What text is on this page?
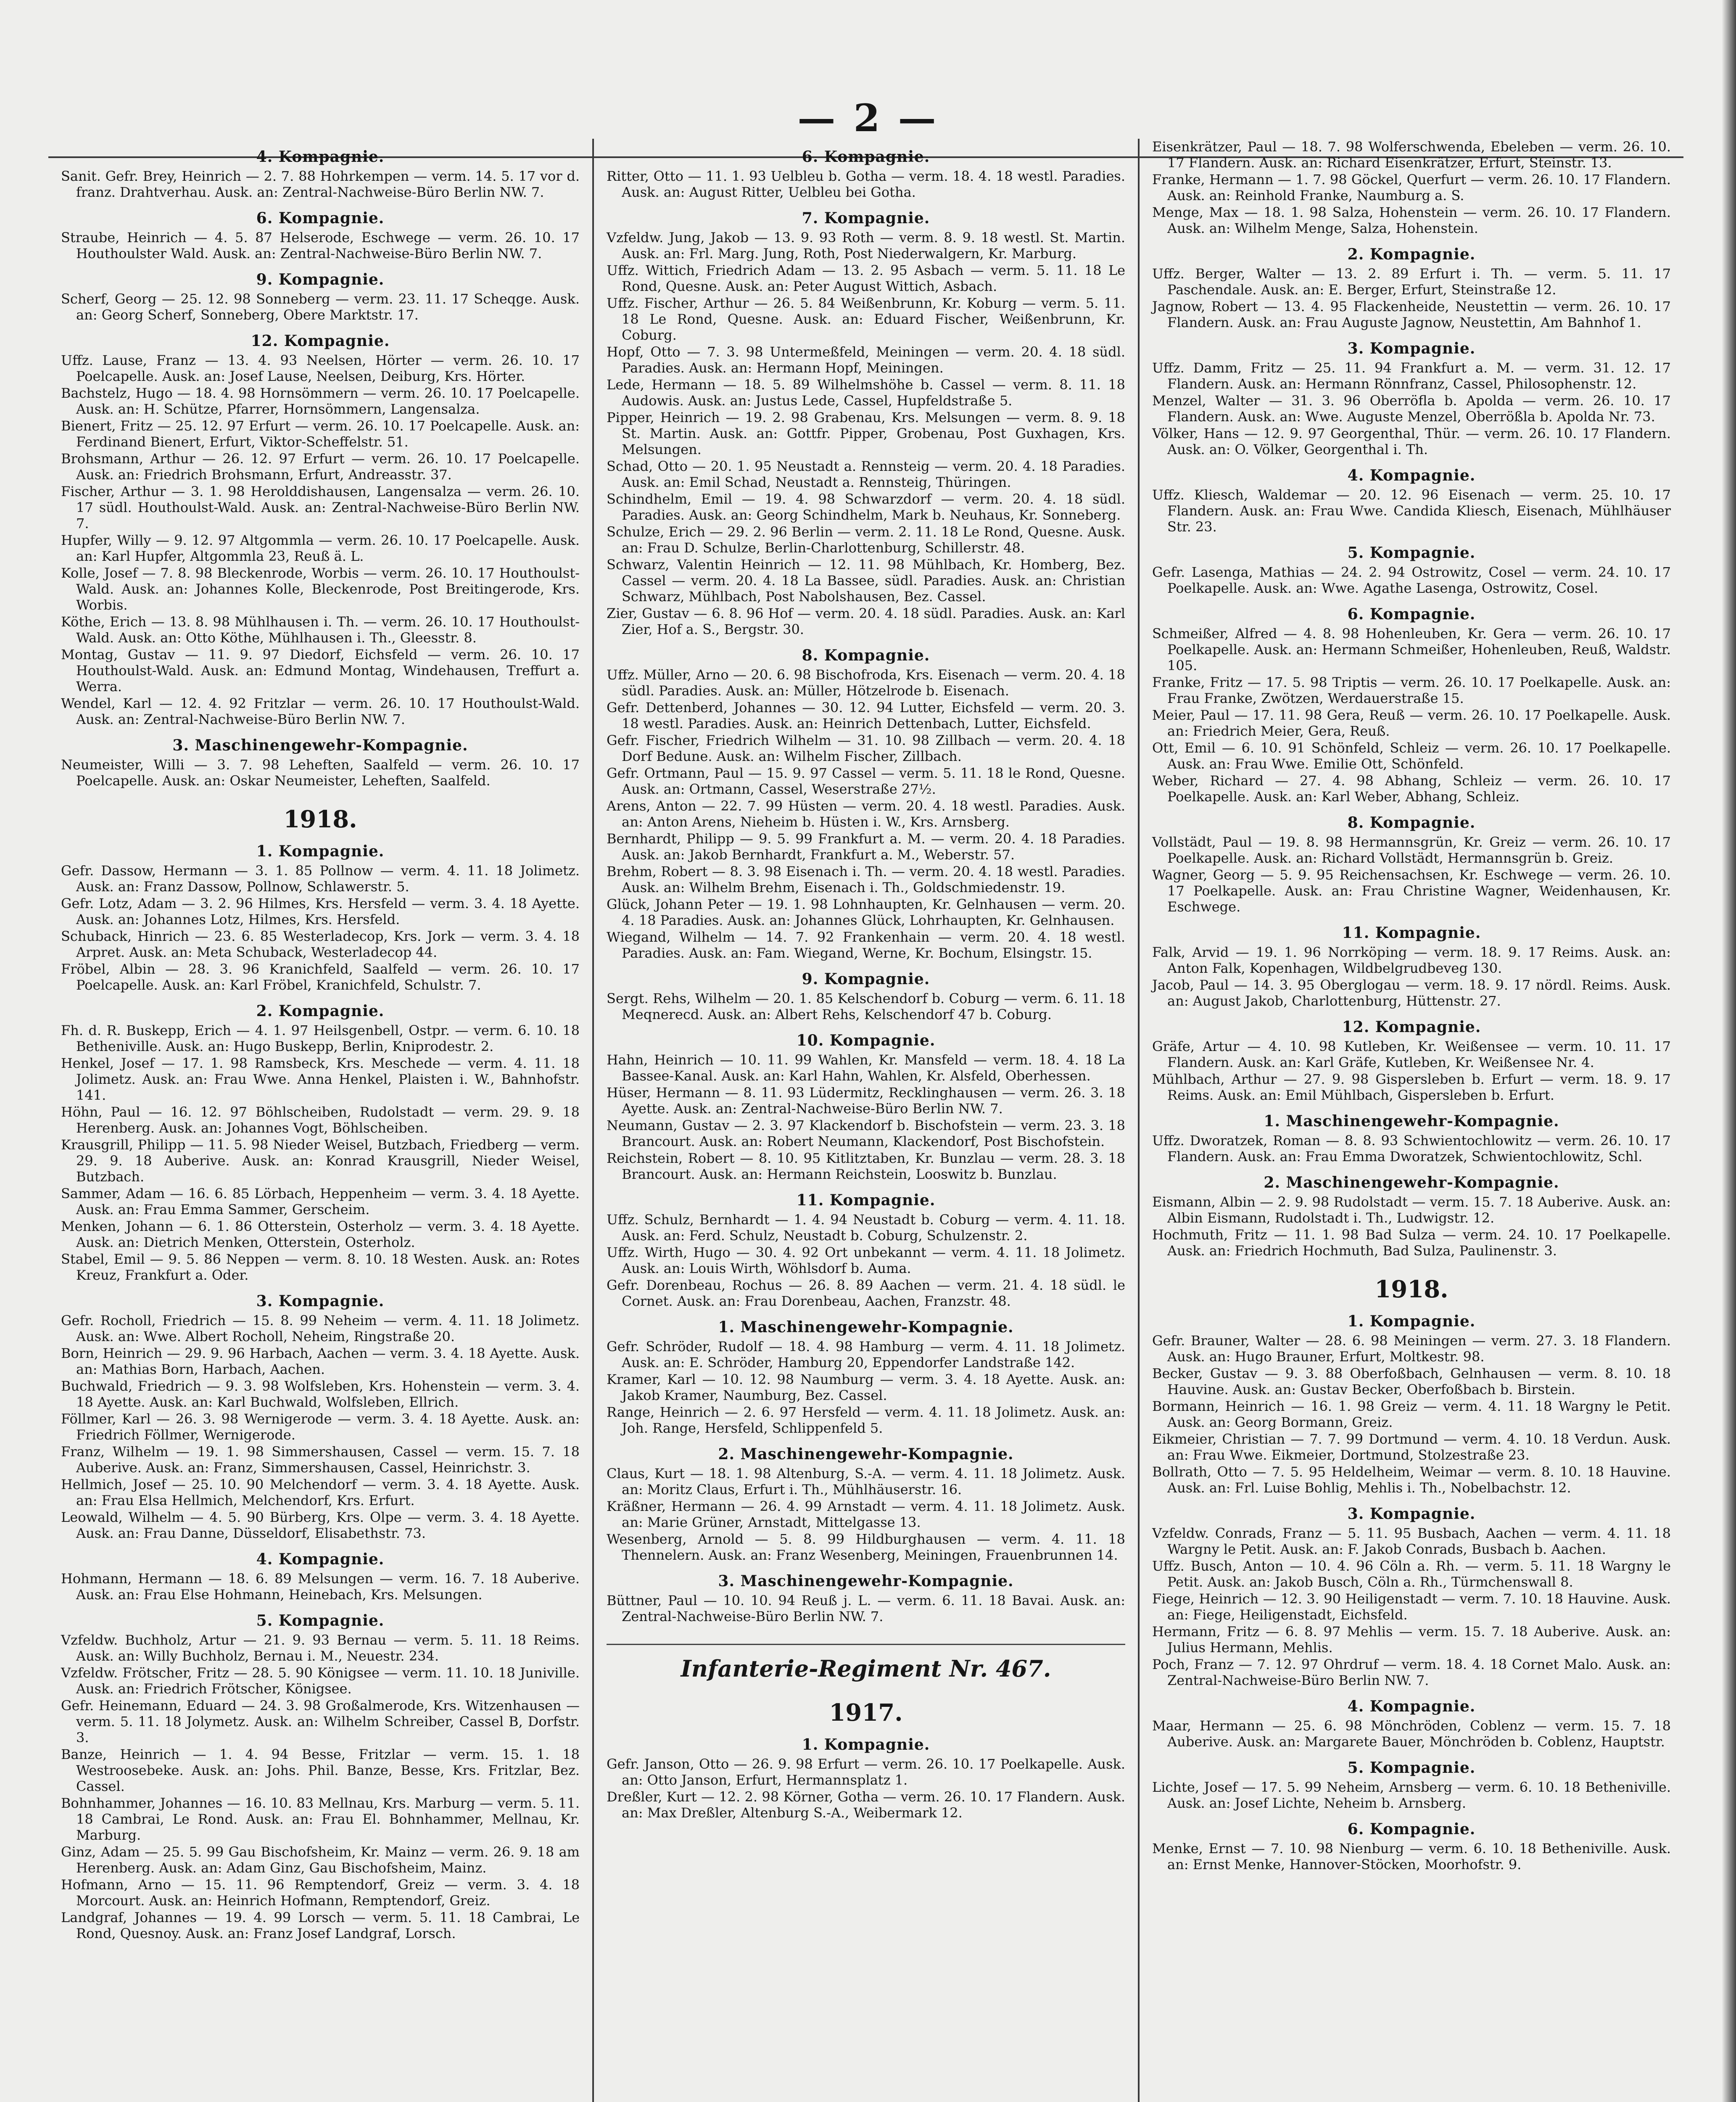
— 2 —
4. Kompagnie.

Sanit. Gefr. Brey, Heinrich — 2. 7. 88 Hohrkempen — verm. 14. 5. 17 vor d. franz. Drahtverhau. Ausk. an: Zentral-Nachweise-Büro Berlin NW. 7.

6. Kompagnie.

Straube, Heinrich — 4. 5. 87 Helserode, Eschwege — verm. 26. 10. 17 Houthoulster Wald. Ausk. an: Zentral-Nachweise-Büro Berlin NW. 7.

9. Kompagnie.

Scherf, Georg — 25. 12. 98 Sonneberg — verm. 23. 11. 17 Scheqge. Ausk. an: Georg Scherf, Sonneberg, Obere Marktstr. 17.

12. Kompagnie.

Uffz. Lause, Franz — 13. 4. 93 Neelsen, Hörter — verm. 26. 10. 17 Poelcapelle. Ausk. an: Josef Lause, Neelsen, Deiburg, Krs. Hörter.

Bachstelz, Hugo — 18. 4. 98 Hornsömmern — verm. 26. 10. 17 Poelcapelle. Ausk. an: H. Schütze, Pfarrer, Hornsömmern, Langensalza.

Bienert, Fritz — 25. 12. 97 Erfurt — verm. 26. 10. 17 Poelcapelle. Ausk. an: Ferdinand Bienert, Erfurt, Viktor-Scheffelstr. 51.

Brohsmann, Arthur — 26. 12. 97 Erfurt — verm. 26. 10. 17 Poelcapelle. Ausk. an: Friedrich Brohsmann, Erfurt, Andreasstr. 37.

Fischer, Arthur — 3. 1. 98 Herolddishausen, Langensalza — verm. 26. 10. 17 südl. Houthoulst-Wald. Ausk. an: Zentral-Nachweise-Büro Berlin NW. 7.

Hupfer, Willy — 9. 12. 97 Altgommla — verm. 26. 10. 17 Poelcapelle. Ausk. an: Karl Hupfer, Altgommla 23, Reuß ä. L.

Kolle, Josef — 7. 8. 98 Bleckenrode, Worbis — verm. 26. 10. 17 Houthoulst-Wald. Ausk. an: Johannes Kolle, Bleckenrode, Post Breitingerode, Krs. Worbis.

Köthe, Erich — 13. 8. 98 Mühlhausen i. Th. — verm. 26. 10. 17 Houthoulst-Wald. Ausk. an: Otto Köthe, Mühlhausen i. Th., Gleesstr. 8.

Montag, Gustav — 11. 9. 97 Diedorf, Eichsfeld — verm. 26. 10. 17 Houthoulst-Wald. Ausk. an: Edmund Montag, Windehausen, Treffurt a. Werra.

Wendel, Karl — 12. 4. 92 Fritzlar — verm. 26. 10. 17 Houthoulst-Wald. Ausk. an: Zentral-Nachweise-Büro Berlin NW. 7.

3. Maschinengewehr-Kompagnie.

Neumeister, Willi — 3. 7. 98 Leheften, Saalfeld — verm. 26. 10. 17 Poelcapelle. Ausk. an: Oskar Neumeister, Leheften, Saalfeld.

1918.
1. Kompagnie.

Gefr. Dassow, Hermann — 3. 1. 85 Pollnow — verm. 4. 11. 18 Jolimetz. Ausk. an: Franz Dassow, Pollnow, Schlawerstr. 5.

Gefr. Lotz, Adam — 3. 2. 96 Hilmes, Krs. Hersfeld — verm. 3. 4. 18 Ayette. Ausk. an: Johannes Lotz, Hilmes, Krs. Hersfeld.

Schuback, Hinrich — 23. 6. 85 Westerladecop, Krs. Jork — verm. 3. 4. 18 Arpret. Ausk. an: Meta Schuback, Westerladecop 44.

Fröbel, Albin — 28. 3. 96 Kranichfeld, Saalfeld — verm. 26. 10. 17 Poelcapelle. Ausk. an: Karl Fröbel, Kranichfeld, Schulstr. 7.

2. Kompagnie.

Fh. d. R. Buskepp, Erich — 4. 1. 97 Heilsgenbell, Ostpr. — verm. 6. 10. 18 Betheniville. Ausk. an: Hugo Buskepp, Berlin, Kniprodestr. 2.

Henkel, Josef — 17. 1. 98 Ramsbeck, Krs. Meschede — verm. 4. 11. 18 Jolimetz. Ausk. an: Frau Wwe. Anna Henkel, Plaisten i. W., Bahnhofstr. 141.

Höhn, Paul — 16. 12. 97 Böhlscheiben, Rudolstadt — verm. 29. 9. 18 Herenberg. Ausk. an: Johannes Vogt, Böhlscheiben.

Krausgrill, Philipp — 11. 5. 98 Nieder Weisel, Butzbach, Friedberg — verm. 29. 9. 18 Auberive. Ausk. an: Konrad Krausgrill, Nieder Weisel, Butzbach.

Sammer, Adam — 16. 6. 85 Lörbach, Heppenheim — verm. 3. 4. 18 Ayette. Ausk. an: Frau Emma Sammer, Gerscheim.

Menken, Johann — 6. 1. 86 Otterstein, Osterholz — verm. 3. 4. 18 Ayette. Ausk. an: Dietrich Menken, Otterstein, Osterholz.

Stabel, Emil — 9. 5. 86 Neppen — verm. 8. 10. 18 Westen. Ausk. an: Rotes Kreuz, Frankfurt a. Oder.

3. Kompagnie.

Gefr. Rocholl, Friedrich — 15. 8. 99 Neheim — verm. 4. 11. 18 Jolimetz. Ausk. an: Wwe. Albert Rocholl, Neheim, Ringstraße 20.

Born, Heinrich — 29. 9. 96 Harbach, Aachen — verm. 3. 4. 18 Ayette. Ausk. an: Mathias Born, Harbach, Aachen.

Buchwald, Friedrich — 9. 3. 98 Wolfsleben, Krs. Hohenstein — verm. 3. 4. 18 Ayette. Ausk. an: Karl Buchwald, Wolfsleben, Ellrich.

Föllmer, Karl — 26. 3. 98 Wernigerode — verm. 3. 4. 18 Ayette. Ausk. an: Friedrich Föllmer, Wernigerode.

Franz, Wilhelm — 19. 1. 98 Simmershausen, Cassel — verm. 15. 7. 18 Auberive. Ausk. an: Franz, Simmershausen, Cassel, Heinrichstr. 3.

Hellmich, Josef — 25. 10. 90 Melchendorf — verm. 3. 4. 18 Ayette. Ausk. an: Frau Elsa Hellmich, Melchendorf, Krs. Erfurt.

Leowald, Wilhelm — 4. 5. 90 Bürberg, Krs. Olpe — verm. 3. 4. 18 Ayette. Ausk. an: Frau Danne, Düsseldorf, Elisabethstr. 73.

4. Kompagnie.

Hohmann, Hermann — 18. 6. 89 Melsungen — verm. 16. 7. 18 Auberive. Ausk. an: Frau Else Hohmann, Heinebach, Krs. Melsungen.

5. Kompagnie.

Vzfeldw. Buchholz, Artur — 21. 9. 93 Bernau — verm. 5. 11. 18 Reims. Ausk. an: Willy Buchholz, Bernau i. M., Neuestr. 234.

Vzfeldw. Frötscher, Fritz — 28. 5. 90 Königsee — verm. 11. 10. 18 Juniville. Ausk. an: Friedrich Frötscher, Königsee.

Gefr. Heinemann, Eduard — 24. 3. 98 Großalmerode, Krs. Witzenhausen — verm. 5. 11. 18 Jolymetz. Ausk. an: Wilhelm Schreiber, Cassel B, Dorfstr. 3.

Banze, Heinrich — 1. 4. 94 Besse, Fritzlar — verm. 15. 1. 18 Westroosebeke. Ausk. an: Johs. Phil. Banze, Besse, Krs. Fritzlar, Bez. Cassel.

Bohnhammer, Johannes — 16. 10. 83 Mellnau, Krs. Marburg — verm. 5. 11. 18 Cambrai, Le Rond. Ausk. an: Frau El. Bohnhammer, Mellnau, Kr. Marburg.

Ginz, Adam — 25. 5. 99 Gau Bischofsheim, Kr. Mainz — verm. 26. 9. 18 am Herenberg. Ausk. an: Adam Ginz, Gau Bischofsheim, Mainz.

Hofmann, Arno — 15. 11. 96 Remptendorf, Greiz — verm. 3. 4. 18 Morcourt. Ausk. an: Heinrich Hofmann, Remptendorf, Greiz.

Landgraf, Johannes — 19. 4. 99 Lorsch — verm. 5. 11. 18 Cambrai, Le Rond, Quesnoy. Ausk. an: Franz Josef Landgraf, Lorsch.

6. Kompagnie.

Ritter, Otto — 11. 1. 93 Uelbleu b. Gotha — verm. 18. 4. 18 westl. Paradies. Ausk. an: August Ritter, Uelbleu bei Gotha.

7. Kompagnie.

Vzfeldw. Jung, Jakob — 13. 9. 93 Roth — verm. 8. 9. 18 westl. St. Martin. Ausk. an: Frl. Marg. Jung, Roth, Post Niederwalgern, Kr. Marburg.

Uffz. Wittich, Friedrich Adam — 13. 2. 95 Asbach — verm. 5. 11. 18 Le Rond, Quesne. Ausk. an: Peter August Wittich, Asbach.

Uffz. Fischer, Arthur — 26. 5. 84 Weißenbrunn, Kr. Koburg — verm. 5. 11. 18 Le Rond, Quesne. Ausk. an: Eduard Fischer, Weißenbrunn, Kr. Coburg.

Hopf, Otto — 7. 3. 98 Untermeßfeld, Meiningen — verm. 20. 4. 18 südl. Paradies. Ausk. an: Hermann Hopf, Meiningen.

Lede, Hermann — 18. 5. 89 Wilhelmshöhe b. Cassel — verm. 8. 11. 18 Audowis. Ausk. an: Justus Lede, Cassel, Hupfeldstraße 5.

Pipper, Heinrich — 19. 2. 98 Grabenau, Krs. Melsungen — verm. 8. 9. 18 St. Martin. Ausk. an: Gottfr. Pipper, Grobenau, Post Guxhagen, Krs. Melsungen.

Schad, Otto — 20. 1. 95 Neustadt a. Rennsteig — verm. 20. 4. 18 Paradies. Ausk. an: Emil Schad, Neustadt a. Rennsteig, Thüringen.

Schindhelm, Emil — 19. 4. 98 Schwarzdorf — verm. 20. 4. 18 südl. Paradies. Ausk. an: Georg Schindhelm, Mark b. Neuhaus, Kr. Sonneberg.

Schulze, Erich — 29. 2. 96 Berlin — verm. 2. 11. 18 Le Rond, Quesne. Ausk. an: Frau D. Schulze, Berlin-Charlottenburg, Schillerstr. 48.

Schwarz, Valentin Heinrich — 12. 11. 98 Mühlbach, Kr. Homberg, Bez. Cassel — verm. 20. 4. 18 La Bassee, südl. Paradies. Ausk. an: Christian Schwarz, Mühlbach, Post Nabolshausen, Bez. Cassel.

Zier, Gustav — 6. 8. 96 Hof — verm. 20. 4. 18 südl. Paradies. Ausk. an: Karl Zier, Hof a. S., Bergstr. 30.

8. Kompagnie.

Uffz. Müller, Arno — 20. 6. 98 Bischofroda, Krs. Eisenach — verm. 20. 4. 18 südl. Paradies. Ausk. an: Müller, Hötzelrode b. Eisenach.

Gefr. Dettenberd, Johannes — 30. 12. 94 Lutter, Eichsfeld — verm. 20. 3. 18 westl. Paradies. Ausk. an: Heinrich Dettenbach, Lutter, Eichsfeld.

Gefr. Fischer, Friedrich Wilhelm — 31. 10. 98 Zillbach — verm. 20. 4. 18 Dorf Bedune. Ausk. an: Wilhelm Fischer, Zillbach.

Gefr. Ortmann, Paul — 15. 9. 97 Cassel — verm. 5. 11. 18 le Rond, Quesne. Ausk. an: Ortmann, Cassel, Weserstraße 27½.

Arens, Anton — 22. 7. 99 Hüsten — verm. 20. 4. 18 westl. Paradies. Ausk. an: Anton Arens, Nieheim b. Hüsten i. W., Krs. Arnsberg.

Bernhardt, Philipp — 9. 5. 99 Frankfurt a. M. — verm. 20. 4. 18 Paradies. Ausk. an: Jakob Bernhardt, Frankfurt a. M., Weberstr. 57.

Brehm, Robert — 8. 3. 98 Eisenach i. Th. — verm. 20. 4. 18 westl. Paradies. Ausk. an: Wilhelm Brehm, Eisenach i. Th., Goldschmiedenstr. 19.

Glück, Johann Peter — 19. 1. 98 Lohnhaupten, Kr. Gelnhausen — verm. 20. 4. 18 Paradies. Ausk. an: Johannes Glück, Lohrhaupten, Kr. Gelnhausen.

Wiegand, Wilhelm — 14. 7. 92 Frankenhain — verm. 20. 4. 18 westl. Paradies. Ausk. an: Fam. Wiegand, Werne, Kr. Bochum, Elsingstr. 15.

9. Kompagnie.

Sergt. Rehs, Wilhelm — 20. 1. 85 Kelschendorf b. Coburg — verm. 6. 11. 18 Meqnerecd. Ausk. an: Albert Rehs, Kelschendorf 47 b. Coburg.

10. Kompagnie.

Hahn, Heinrich — 10. 11. 99 Wahlen, Kr. Mansfeld — verm. 18. 4. 18 La Bassee-Kanal. Ausk. an: Karl Hahn, Wahlen, Kr. Alsfeld, Oberhessen.

Hüser, Hermann — 8. 11. 93 Lüdermitz, Recklinghausen — verm. 26. 3. 18 Ayette. Ausk. an: Zentral-Nachweise-Büro Berlin NW. 7.

Neumann, Gustav — 2. 3. 97 Klackendorf b. Bischofstein — verm. 23. 3. 18 Brancourt. Ausk. an: Robert Neumann, Klackendorf, Post Bischofstein.

Reichstein, Robert — 8. 10. 95 Kitlitztaben, Kr. Bunzlau — verm. 28. 3. 18 Brancourt. Ausk. an: Hermann Reichstein, Looswitz b. Bunzlau.

11. Kompagnie.

Uffz. Schulz, Bernhardt — 1. 4. 94 Neustadt b. Coburg — verm. 4. 11. 18. Ausk. an: Ferd. Schulz, Neustadt b. Coburg, Schulzenstr. 2.

Uffz. Wirth, Hugo — 30. 4. 92 Ort unbekannt — verm. 4. 11. 18 Jolimetz. Ausk. an: Louis Wirth, Wöhlsdorf b. Auma.

Gefr. Dorenbeau, Rochus — 26. 8. 89 Aachen — verm. 21. 4. 18 südl. le Cornet. Ausk. an: Frau Dorenbeau, Aachen, Franzstr. 48.

1. Maschinengewehr-Kompagnie.

Gefr. Schröder, Rudolf — 18. 4. 98 Hamburg — verm. 4. 11. 18 Jolimetz. Ausk. an: E. Schröder, Hamburg 20, Eppendorfer Landstraße 142.

Kramer, Karl — 10. 12. 98 Naumburg — verm. 3. 4. 18 Ayette. Ausk. an: Jakob Kramer, Naumburg, Bez. Cassel.

Range, Heinrich — 2. 6. 97 Hersfeld — verm. 4. 11. 18 Jolimetz. Ausk. an: Joh. Range, Hersfeld, Schlippenfeld 5.

2. Maschinengewehr-Kompagnie.

Claus, Kurt — 18. 1. 98 Altenburg, S.-A. — verm. 4. 11. 18 Jolimetz. Ausk. an: Moritz Claus, Erfurt i. Th., Mühlhäuserstr. 16.

Kräßner, Hermann — 26. 4. 99 Arnstadt — verm. 4. 11. 18 Jolimetz. Ausk. an: Marie Grüner, Arnstadt, Mittelgasse 13.

Wesenberg, Arnold — 5. 8. 99 Hildburghausen — verm. 4. 11. 18 Thennelern. Ausk. an: Franz Wesenberg, Meiningen, Frauenbrunnen 14.

3. Maschinengewehr-Kompagnie.

Büttner, Paul — 10. 10. 94 Reuß j. L. — verm. 6. 11. 18 Bavai. Ausk. an: Zentral-Nachweise-Büro Berlin NW. 7.

Infanterie-Regiment Nr. 467.
1917.
1. Kompagnie.

Gefr. Janson, Otto — 26. 9. 98 Erfurt — verm. 26. 10. 17 Poelkapelle. Ausk. an: Otto Janson, Erfurt, Hermannsplatz 1.

Dreßler, Kurt — 12. 2. 98 Körner, Gotha — verm. 26. 10. 17 Flandern. Ausk. an: Max Dreßler, Altenburg S.-A., Weibermark 12.

Eisenkrätzer, Paul — 18. 7. 98 Wolferschwenda, Ebeleben — verm. 26. 10. 17 Flandern. Ausk. an: Richard Eisenkrätzer, Erfurt, Steinstr. 13.

Franke, Hermann — 1. 7. 98 Göckel, Querfurt — verm. 26. 10. 17 Flandern. Ausk. an: Reinhold Franke, Naumburg a. S.

Menge, Max — 18. 1. 98 Salza, Hohenstein — verm. 26. 10. 17 Flandern. Ausk. an: Wilhelm Menge, Salza, Hohenstein.

2. Kompagnie.

Uffz. Berger, Walter — 13. 2. 89 Erfurt i. Th. — verm. 5. 11. 17 Paschendale. Ausk. an: E. Berger, Erfurt, Steinstraße 12.

Jagnow, Robert — 13. 4. 95 Flackenheide, Neustettin — verm. 26. 10. 17 Flandern. Ausk. an: Frau Auguste Jagnow, Neustettin, Am Bahnhof 1.

3. Kompagnie.

Uffz. Damm, Fritz — 25. 11. 94 Frankfurt a. M. — verm. 31. 12. 17 Flandern. Ausk. an: Hermann Rönnfranz, Cassel, Philosophenstr. 12.

Menzel, Walter — 31. 3. 96 Oberröfla b. Apolda — verm. 26. 10. 17 Flandern. Ausk. an: Wwe. Auguste Menzel, Oberrößla b. Apolda Nr. 73.

Völker, Hans — 12. 9. 97 Georgenthal, Thür. — verm. 26. 10. 17 Flandern. Ausk. an: O. Völker, Georgenthal i. Th.

4. Kompagnie.

Uffz. Kliesch, Waldemar — 20. 12. 96 Eisenach — verm. 25. 10. 17 Flandern. Ausk. an: Frau Wwe. Candida Kliesch, Eisenach, Mühlhäuser Str. 23.

5. Kompagnie.

Gefr. Lasenga, Mathias — 24. 2. 94 Ostrowitz, Cosel — verm. 24. 10. 17 Poelkapelle. Ausk. an: Wwe. Agathe Lasenga, Ostrowitz, Cosel.

6. Kompagnie.

Schmeißer, Alfred — 4. 8. 98 Hohenleuben, Kr. Gera — verm. 26. 10. 17 Poelkapelle. Ausk. an: Hermann Schmeißer, Hohenleuben, Reuß, Waldstr. 105.

Franke, Fritz — 17. 5. 98 Triptis — verm. 26. 10. 17 Poelkapelle. Ausk. an: Frau Franke, Zwötzen, Werdauerstraße 15.

Meier, Paul — 17. 11. 98 Gera, Reuß — verm. 26. 10. 17 Poelkapelle. Ausk. an: Friedrich Meier, Gera, Reuß.

Ott, Emil — 6. 10. 91 Schönfeld, Schleiz — verm. 26. 10. 17 Poelkapelle. Ausk. an: Frau Wwe. Emilie Ott, Schönfeld.

Weber, Richard — 27. 4. 98 Abhang, Schleiz — verm. 26. 10. 17 Poelkapelle. Ausk. an: Karl Weber, Abhang, Schleiz.

8. Kompagnie.

Vollstädt, Paul — 19. 8. 98 Hermannsgrün, Kr. Greiz — verm. 26. 10. 17 Poelkapelle. Ausk. an: Richard Vollstädt, Hermannsgrün b. Greiz.

Wagner, Georg — 5. 9. 95 Reichensachsen, Kr. Eschwege — verm. 26. 10. 17 Poelkapelle. Ausk. an: Frau Christine Wagner, Weidenhausen, Kr. Eschwege.

11. Kompagnie.

Falk, Arvid — 19. 1. 96 Norrköping — verm. 18. 9. 17 Reims. Ausk. an: Anton Falk, Kopenhagen, Wildbelgrudbeveg 130.

Jacob, Paul — 14. 3. 95 Oberglogau — verm. 18. 9. 17 nördl. Reims. Ausk. an: August Jakob, Charlottenburg, Hüttenstr. 27.

12. Kompagnie.

Gräfe, Artur — 4. 10. 98 Kutleben, Kr. Weißensee — verm. 10. 11. 17 Flandern. Ausk. an: Karl Gräfe, Kutleben, Kr. Weißensee Nr. 4.

Mühlbach, Arthur — 27. 9. 98 Gispersleben b. Erfurt — verm. 18. 9. 17 Reims. Ausk. an: Emil Mühlbach, Gispersleben b. Erfurt.

1. Maschinengewehr-Kompagnie.

Uffz. Dworatzek, Roman — 8. 8. 93 Schwientochlowitz — verm. 26. 10. 17 Flandern. Ausk. an: Frau Emma Dworatzek, Schwientochlowitz, Schl.

2. Maschinengewehr-Kompagnie.

Eismann, Albin — 2. 9. 98 Rudolstadt — verm. 15. 7. 18 Auberive. Ausk. an: Albin Eismann, Rudolstadt i. Th., Ludwigstr. 12.

Hochmuth, Fritz — 11. 1. 98 Bad Sulza — verm. 24. 10. 17 Poelkapelle. Ausk. an: Friedrich Hochmuth, Bad Sulza, Paulinenstr. 3.

1918.
1. Kompagnie.

Gefr. Brauner, Walter — 28. 6. 98 Meiningen — verm. 27. 3. 18 Flandern. Ausk. an: Hugo Brauner, Erfurt, Moltkestr. 98.

Becker, Gustav — 9. 3. 88 Oberfoßbach, Gelnhausen — verm. 8. 10. 18 Hauvine. Ausk. an: Gustav Becker, Oberfoßbach b. Birstein.

Bormann, Heinrich — 16. 1. 98 Greiz — verm. 4. 11. 18 Wargny le Petit. Ausk. an: Georg Bormann, Greiz.

Eikmeier, Christian — 7. 7. 99 Dortmund — verm. 4. 10. 18 Verdun. Ausk. an: Frau Wwe. Eikmeier, Dortmund, Stolzestraße 23.

Bollrath, Otto — 7. 5. 95 Heldelheim, Weimar — verm. 8. 10. 18 Hauvine. Ausk. an: Frl. Luise Bohlig, Mehlis i. Th., Nobelbachstr. 12.

3. Kompagnie.

Vzfeldw. Conrads, Franz — 5. 11. 95 Busbach, Aachen — verm. 4. 11. 18 Wargny le Petit. Ausk. an: F. Jakob Conrads, Busbach b. Aachen.

Uffz. Busch, Anton — 10. 4. 96 Cöln a. Rh. — verm. 5. 11. 18 Wargny le Petit. Ausk. an: Jakob Busch, Cöln a. Rh., Türmchenswall 8.

Fiege, Heinrich — 12. 3. 90 Heiligenstadt — verm. 7. 10. 18 Hauvine. Ausk. an: Fiege, Heiligenstadt, Eichsfeld.

Hermann, Fritz — 6. 8. 97 Mehlis — verm. 15. 7. 18 Auberive. Ausk. an: Julius Hermann, Mehlis.

Poch, Franz — 7. 12. 97 Ohrdruf — verm. 18. 4. 18 Cornet Malo. Ausk. an: Zentral-Nachweise-Büro Berlin NW. 7.

4. Kompagnie.

Maar, Hermann — 25. 6. 98 Mönchröden, Coblenz — verm. 15. 7. 18 Auberive. Ausk. an: Margarete Bauer, Mönchröden b. Coblenz, Hauptstr.

5. Kompagnie.

Lichte, Josef — 17. 5. 99 Neheim, Arnsberg — verm. 6. 10. 18 Betheniville. Ausk. an: Josef Lichte, Neheim b. Arnsberg.

6. Kompagnie.

Menke, Ernst — 7. 10. 98 Nienburg — verm. 6. 10. 18 Betheniville. Ausk. an: Ernst Menke, Hannover-Stöcken, Moorhofstr. 9.
